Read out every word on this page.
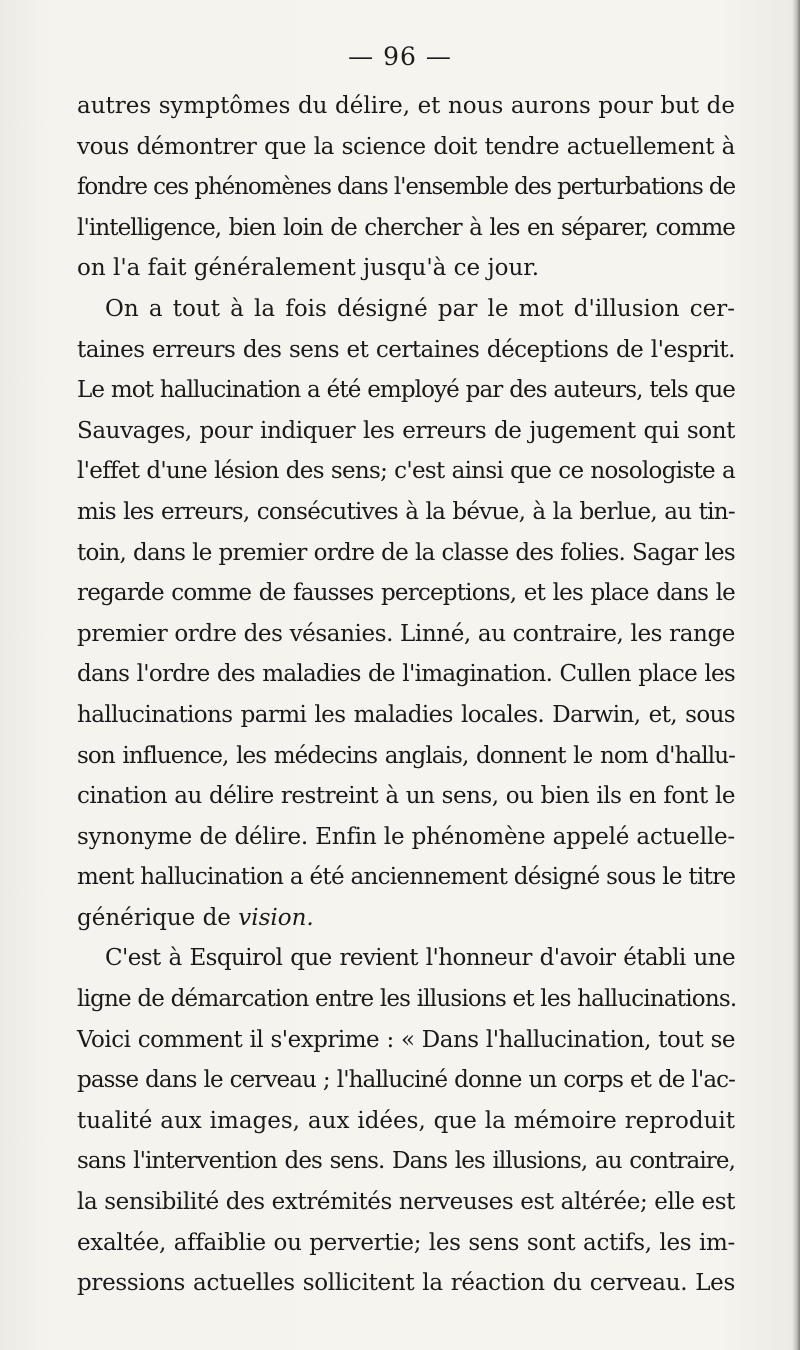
— 96 —
autres symptômes du délire, et nous aurons pour but de
vous démontrer que la science doit tendre actuellement à
fondre ces phénomènes dans l'ensemble des perturbations de
l'intelligence, bien loin de chercher à les en séparer, comme
on l'a fait généralement jusqu'à ce jour.
On a tout à la fois désigné par le mot d'illusion cer-
taines erreurs des sens et certaines déceptions de l'esprit.
Le mot hallucination a été employé par des auteurs, tels que
Sauvages, pour indiquer les erreurs de jugement qui sont
l'effet d'une lésion des sens; c'est ainsi que ce nosologiste a
mis les erreurs, consécutives à la bévue, à la berlue, au tin-
toin, dans le premier ordre de la classe des folies. Sagar les
regarde comme de fausses perceptions, et les place dans le
premier ordre des vésanies. Linné, au contraire, les range
dans l'ordre des maladies de l'imagination. Cullen place les
hallucinations parmi les maladies locales. Darwin, et, sous
son influence, les médecins anglais, donnent le nom d'hallu-
cination au délire restreint à un sens, ou bien ils en font le
synonyme de délire. Enfin le phénomène appelé actuelle-
ment hallucination a été anciennement désigné sous le titre
générique de vision.
C'est à Esquirol que revient l'honneur d'avoir établi une
ligne de démarcation entre les illusions et les hallucinations.
Voici comment il s'exprime : « Dans l'hallucination, tout se
passe dans le cerveau ; l'halluciné donne un corps et de l'ac-
tualité aux images, aux idées, que la mémoire reproduit
sans l'intervention des sens. Dans les illusions, au contraire,
la sensibilité des extrémités nerveuses est altérée; elle est
exaltée, affaiblie ou pervertie; les sens sont actifs, les im-
pressions actuelles sollicitent la réaction du cerveau. Les
